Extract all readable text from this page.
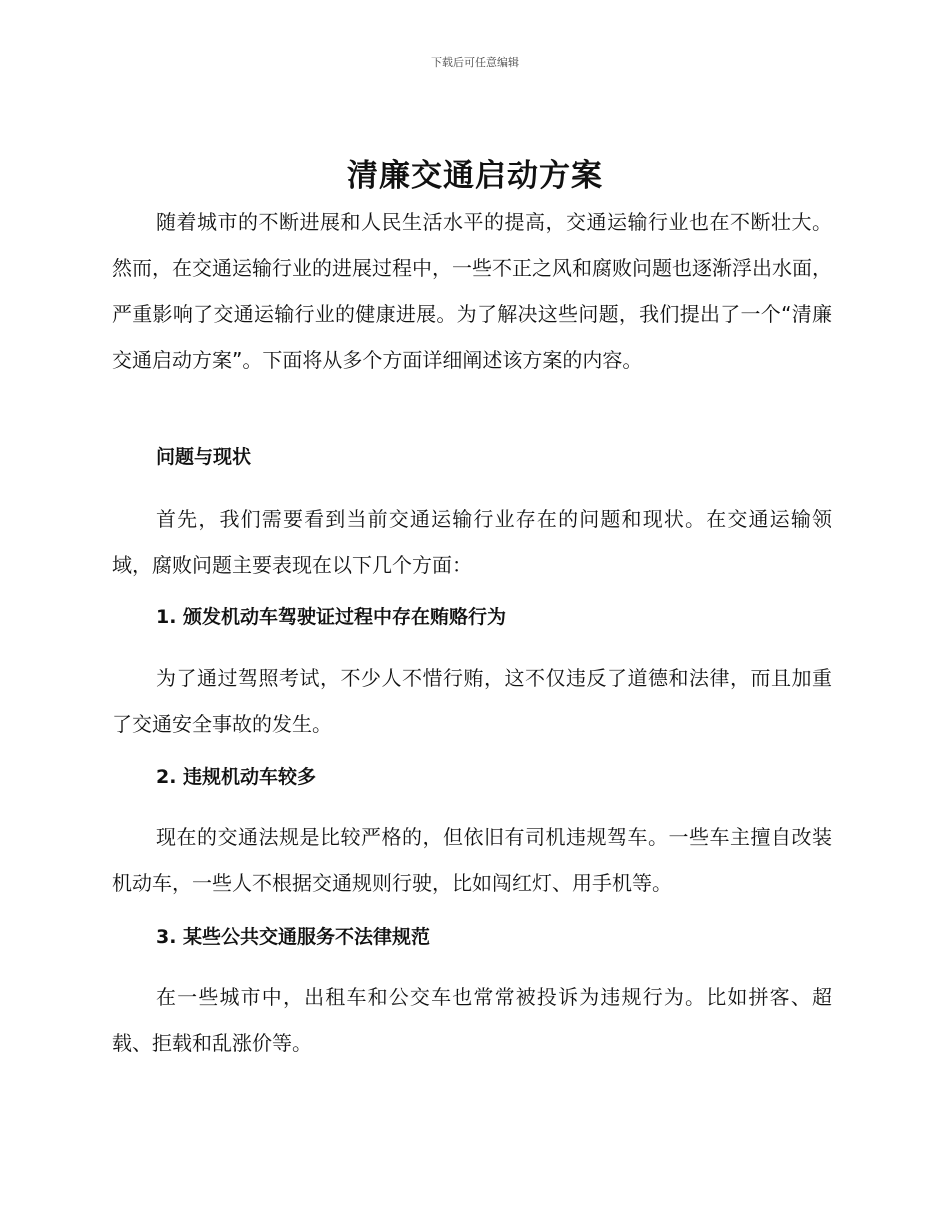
下载后可任意编辑
清廉交通启动方案

随着城市的不断进展和人民生活水平的提高，交通运输行业也在不断壮大。然而，在交通运输行业的进展过程中，一些不正之风和腐败问题也逐渐浮出水面，严重影响了交通运输行业的健康进展。为了解决这些问题，我们提出了一个“清廉交通启动方案”。下面将从多个方面详细阐述该方案的内容。

问题与现状

首先，我们需要看到当前交通运输行业存在的问题和现状。在交通运输领域，腐败问题主要表现在以下几个方面：

1. 颁发机动车驾驶证过程中存在贿赂行为

为了通过驾照考试，不少人不惜行贿，这不仅违反了道德和法律，而且加重了交通安全事故的发生。

2. 违规机动车较多

现在的交通法规是比较严格的，但依旧有司机违规驾车。一些车主擅自改装机动车，一些人不根据交通规则行驶，比如闯红灯、用手机等。

3. 某些公共交通服务不法律规范

在一些城市中，出租车和公交车也常常被投诉为违规行为。比如拼客、超载、拒载和乱涨价等。
